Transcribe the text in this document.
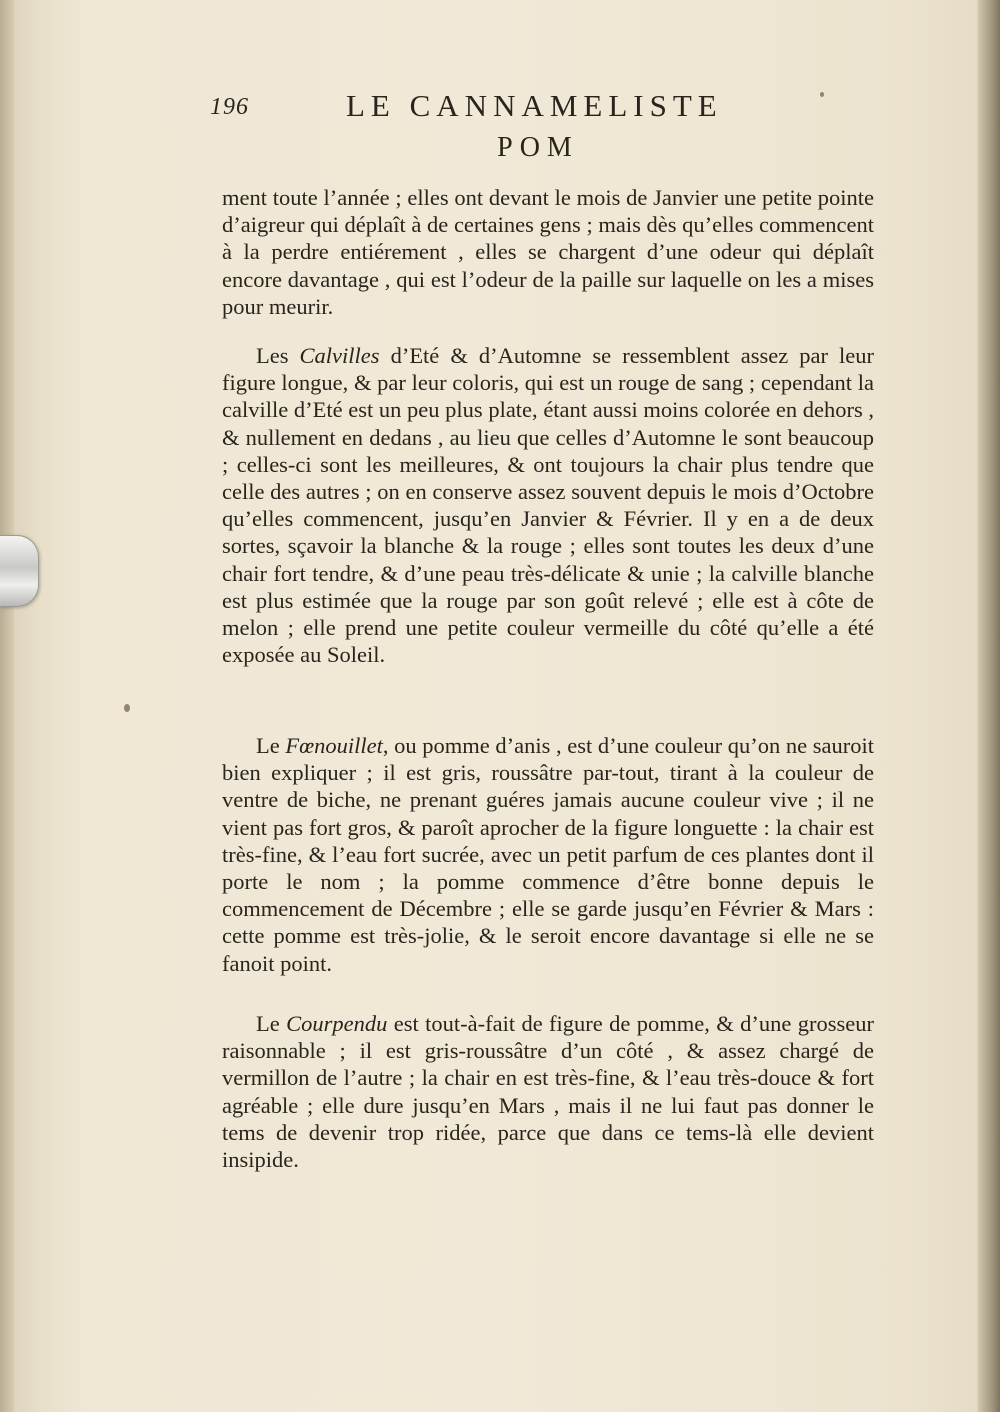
196	LE CANNAMELISTE
POM

ment toute l’année ; elles ont devant le mois de Janvier une petite pointe d’aigreur qui déplaît à de certaines gens ; mais dès qu’elles commencent à la perdre entiérement , elles se chargent d’une odeur qui déplaît encore davantage , qui est l’odeur de la paille sur laquelle on les a mises pour meurir.

Les Calvilles d’Eté & d’Automne se ressemblent assez par leur figure longue, & par leur coloris, qui est un rouge de sang ; cependant la calville d’Eté est un peu plus plate, étant aussi moins colorée en dehors , & nullement en dedans , au lieu que celles d’Automne le sont beaucoup ; celles-ci sont les meilleures, & ont toujours la chair plus tendre que celle des autres ; on en conserve assez souvent depuis le mois d’Octobre qu’elles commencent, jusqu’en Janvier & Février. Il y en a de deux sortes, sçavoir la blanche & la rouge ; elles sont toutes les deux d’une chair fort tendre, & d’une peau très-délicate & unie ; la calville blanche est plus estimée que la rouge par son goût relevé ; elle est à côte de melon ; elle prend une petite couleur vermeille du côté qu’elle a été exposée au Soleil.

Le Fœnouillet, ou pomme d’anis , est d’une couleur qu’on ne sauroit bien expliquer ; il est gris, roussâtre par-tout, tirant à la couleur de ventre de biche, ne prenant guéres jamais aucune couleur vive ; il ne vient pas fort gros, & paroît aprocher de la figure longuette : la chair est très-fine, & l’eau fort sucrée, avec un petit parfum de ces plantes dont il porte le nom ; la pomme commence d’être bonne depuis le commencement de Décembre ; elle se garde jusqu’en Février & Mars : cette pomme est très-jolie, & le seroit encore davantage si elle ne se fanoit point.

Le Courpendu est tout-à-fait de figure de pomme, & d’une grosseur raisonnable ; il est gris-roussâtre d’un côté , & assez chargé de vermillon de l’autre ; la chair en est très-fine, & l’eau très-douce & fort agréable ; elle dure jusqu’en Mars , mais il ne lui faut pas donner le tems de devenir trop ridée, parce que dans ce tems-là elle devient insipide.
